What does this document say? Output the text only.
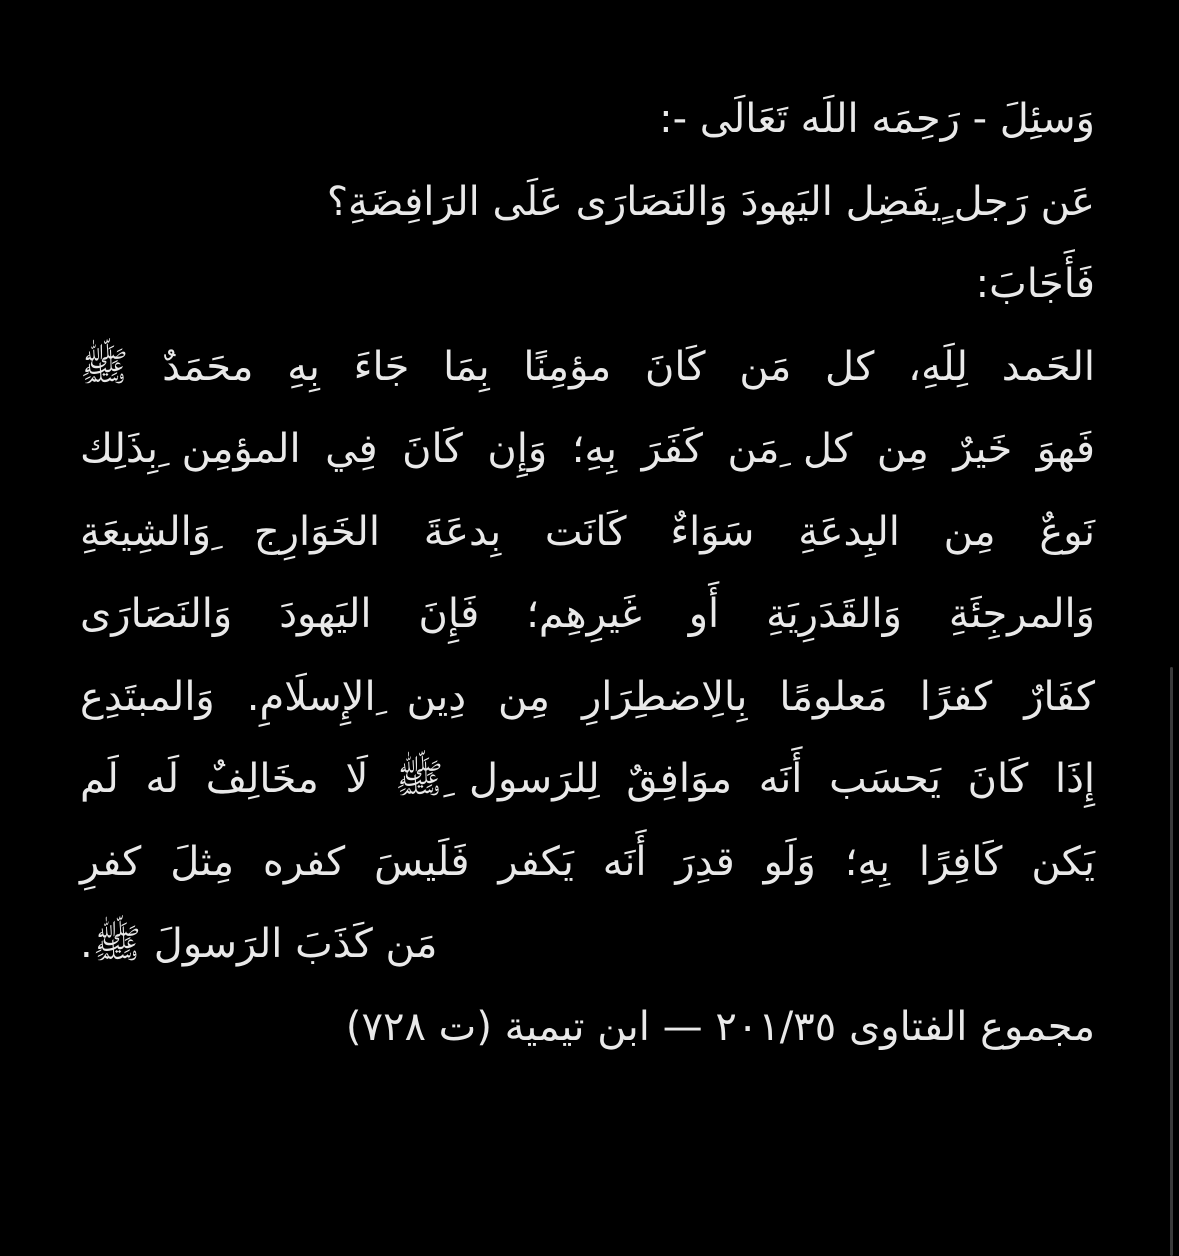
وَسئِلَ - رَحِمَه اللَه تَعَالَى -:
عَن رَجل ٍيفَضِل اليَهودَ وَالنَصَارَى عَلَى الرَافِضَةِ؟
فَأَجَابَ:
الحَمد لِلَهِ، كل مَن كَانَ مؤمِنًا بِمَا جَاءَ بِهِ محَمَدٌ ﷺ
فَهوَ خَيرٌ مِن كل ِمَن كَفَرَ بِهِ؛ وَإِن كَانَ فِي المؤمِن ِبِذَلِك
نَوعٌ مِن البِدعَةِ سَوَاءٌ كَانَت بِدعَةَ الخَوَارِج ِوَالشِيعَةِ
وَالمرجِئَةِ وَالقَدَرِيَةِ أَو غَيرِهِم؛ فَإِنَ اليَهودَ وَالنَصَارَى
كفَارٌ كفرًا مَعلومًا بِالِاضطِرَارِ مِن دِين ِالإِسلَامِ. وَالمبتَدِع
إِذَا كَانَ يَحسَب أَنَه موَافِقٌ لِلرَسول ِﷺ لَا مخَالِفٌ لَه لَم
يَكن كَافِرًا بِهِ؛ وَلَو قدِرَ أَنَه يَكفر فَلَيسَ كفره مِثلَ كفرِ
مَن كَذَبَ الرَسولَ ﷺ.
مجموع الفتاوى ٢٠١/٣٥ — ابن تيمية (ت ٧٢٨)
